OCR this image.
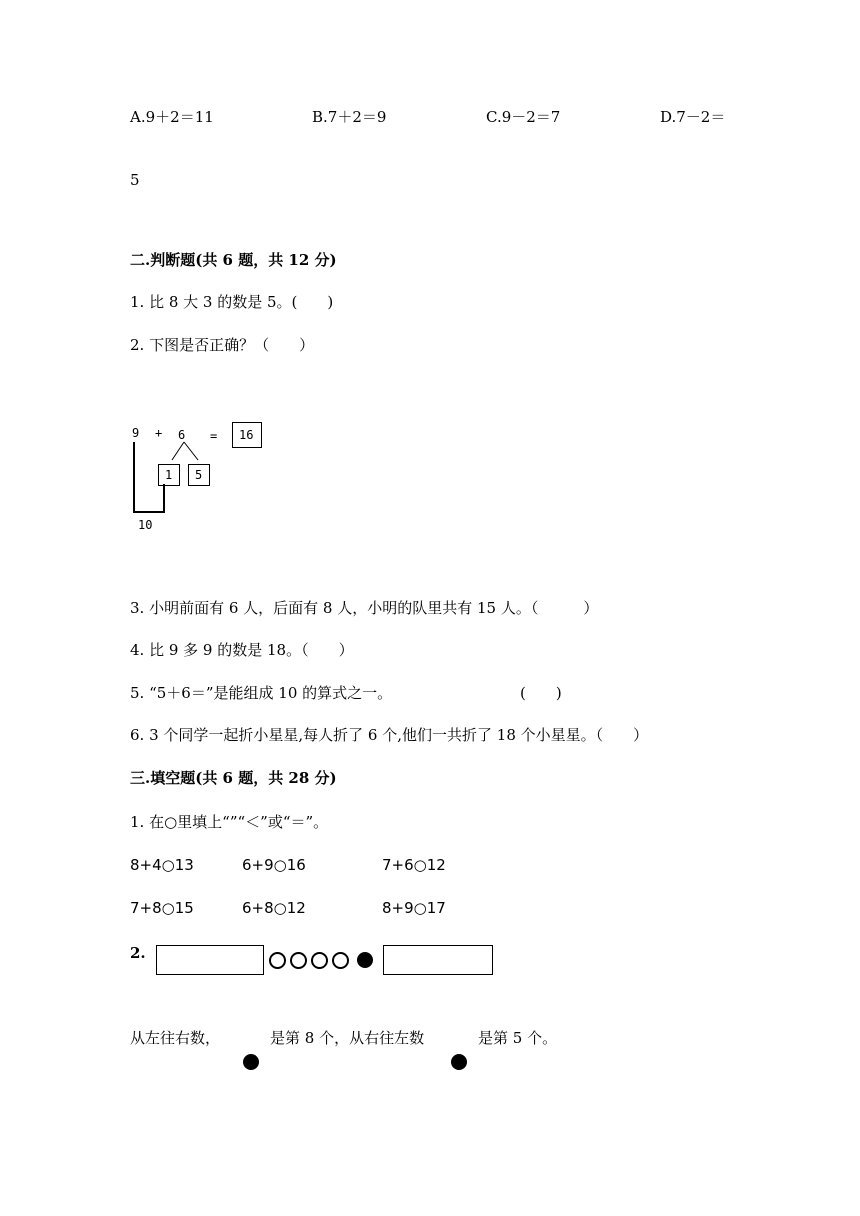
A.9＋2＝11	B.7＋2＝9	C.9－2＝7	D.7－2＝
5
二.判断题(共 6 题，共 12 分)
1. 比 8 大 3 的数是 5。(　　)
2. 下图是否正确？（　　）
9 + 6 = 16
1 5
10
3. 小明前面有 6 人，后面有 8 人，小明的队里共有 15 人。（　　　）
4. 比 9 多 9 的数是 18。（　　）
5. “5＋6＝”是能组成 10 的算式之一。	(　　)
6. 3 个同学一起折小星星,每人折了 6 个,他们一共折了 18 个小星星。（　　）
三.填空题(共 6 题，共 28 分)
1. 在○里填上“”“＜”或“＝”。
8+4○13	6+9○16	7+6○12
7+8○15	6+8○12	8+9○17
2.
从左往右数，	是第 8 个，从右往左数	是第 5 个。
